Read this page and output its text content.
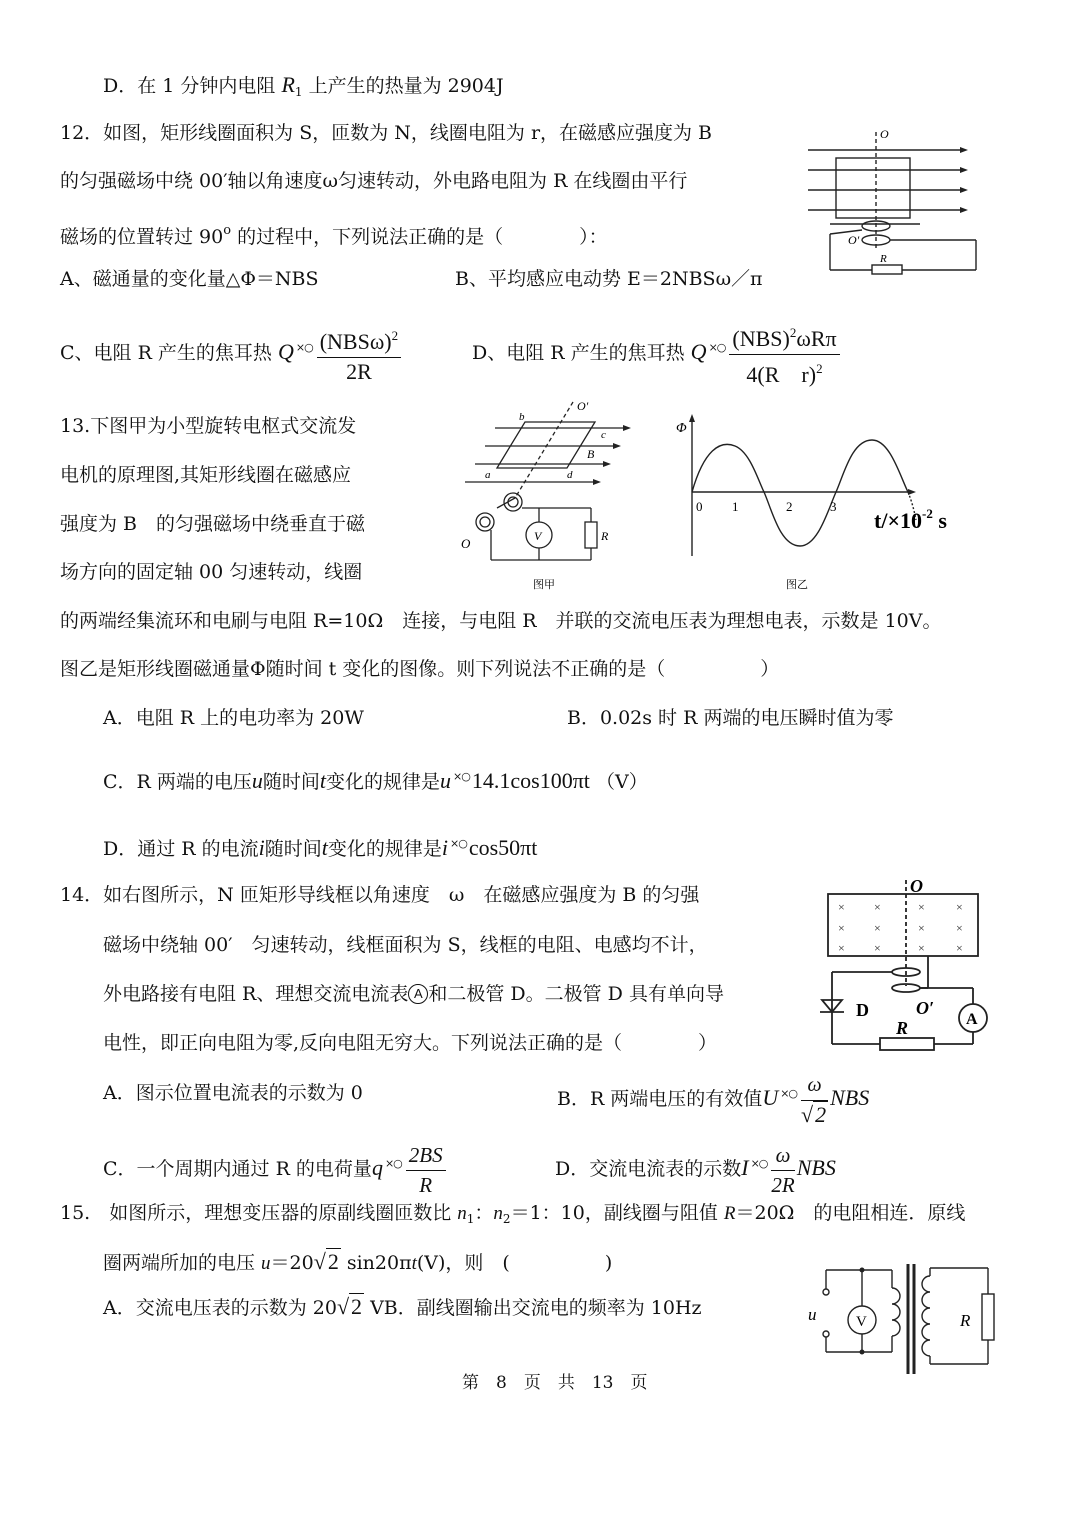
D．在 1 分钟内电阻 $R_1$ 上产生的热量为 2904J
12．如图，矩形线圈面积为 S，匝数为 N，线圈电阻为 r，在磁感应强度为 B
的匀强磁场中绕 00′轴以角速度ω匀速转动，外电路电阻为 R 在线圈由平行
磁场的位置转过 90$^o$ 的过程中，下列说法正确的是（　　　　）：
A、磁通量的变化量△Φ＝NBS	B、平均感应电动势 E＝2NBSω／π
C、电阻 R 产生的焦耳热 Q $^{\times○} \frac{(NBS\omega)^2}{2R}$	D、电阻 R 产生的焦耳热 Q $^{\times○} \frac{(NBS)^2\omega R\pi}{4(R r)^2}$
O
O′
R
13.下图甲为小型旋转电枢式交流发
电机的原理图,其矩形线圈在磁感应
强度为 B　的匀强磁场中绕垂直于磁
场方向的固定轴 00 匀速转动，线圈
的两端经集流环和电刷与电阻 R=10Ω　连接，与电阻 R　并联的交流电压表为理想电表，示数是 10V。
图乙是矩形线圈磁通量Φ随时间 t 变化的图像。则下列说法不正确的是（　　　　　）
A．电阻 R 上的电功率为 20W	B．0.02s 时 R 两端的电压瞬时值为零
C．R 两端的电压u随时间t变化的规律是u ×○14.1cos100πt （V）
D．通过 R 的电流i随时间t变化的规律是i ×○cos50πt
O′
b
c
B
a	d
O	V	R
图甲
Φ
0 1	2	3
$t/\times 10^{-2}$ s
图乙
14．如右图所示，N 匝矩形导线框以角速度　ω　在磁感应强度为 B 的匀强
磁场中绕轴 00′　匀速转动，线框面积为 S，线框的电阻、电感均不计，
外电路接有电阻 R、理想交流电流表 A 和二极管 D。二极管 D 具有单向导
电性，即正向电阻为零,反向电阻无穷大。下列说法正确的是（　　　　）
A．图示位置电流表的示数为 0	B．R 两端电压的有效值U $^{\times○} \frac{\omega}{√2}$ NBS
C．一个周期内通过 R 的电荷量q $^{\times○} \frac{2BS}{R}$	D．交流电流表的示数I $^{\times○} \frac{\omega}{2R}$ NBS
× ×	×	×
× ×	×	×
× ×	×	×
O
O′
D
R	A
15.　如图所示，理想变压器的原副线圈匝数比 $n_1$：$n_2=1$：10，副线圈与阻值 R＝20Ω　的电阻相连．原线
圈两端所加的电压 u＝20√2 sin20πt(V)，则　(　　　　　)
A．交流电压表的示数为 20√2 VB．副线圈输出交流电的频率为 10Hz	u	V	R
第　8　页　共　13　页
